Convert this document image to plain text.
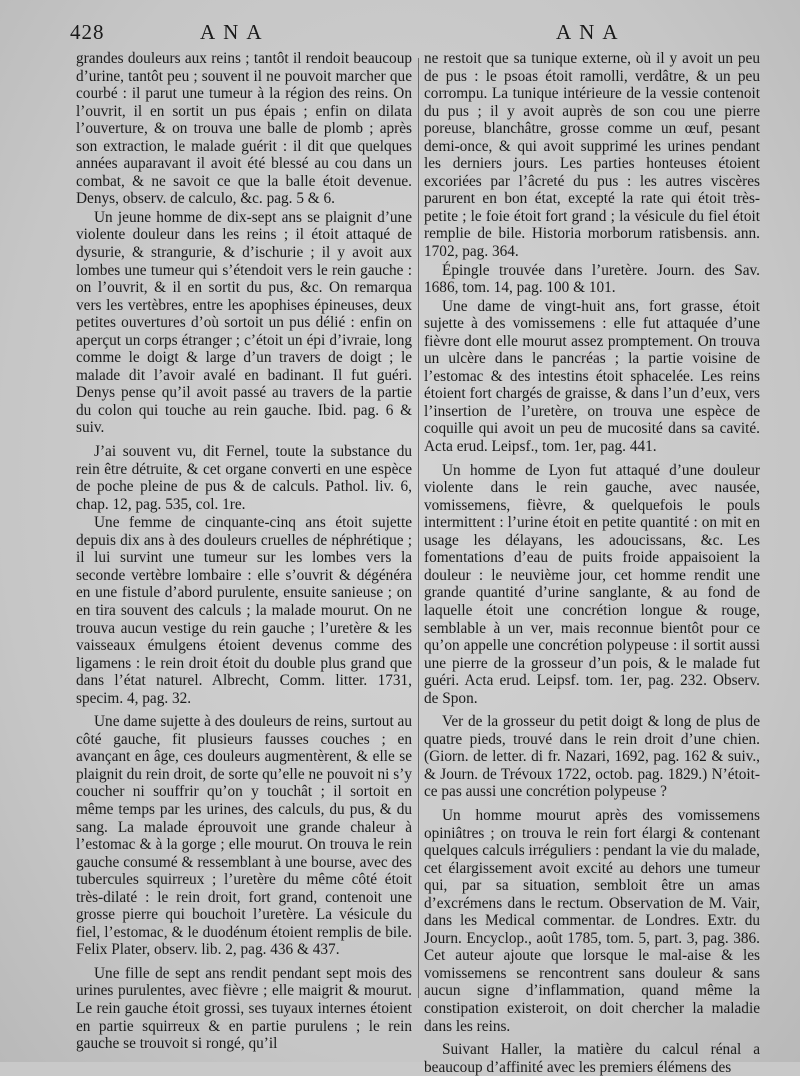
428	ANA	ANA

grandes douleurs aux reins ; tantôt il rendoit beaucoup d’urine, tantôt peu ; souvent il ne pouvoit marcher que courbé : il parut une tumeur à la région des reins. On l’ouvrit, il en sortit un pus épais ; enfin on dilata l’ouverture, & on trouva une balle de plomb ; après son extraction, le malade guérit : il dit que quelques années auparavant il avoit été blessé au cou dans un combat, & ne savoit ce que la balle étoit devenue. Denys, observ. de calculo, &c. pag. 5 & 6.

Un jeune homme de dix-sept ans se plaignit d’une violente douleur dans les reins ; il étoit attaqué de dysurie, & strangurie, & d’ischurie ; il y avoit aux lombes une tumeur qui s’étendoit vers le rein gauche : on l’ouvrit, & il en sortit du pus, &c. On remarqua vers les vertèbres, entre les apophises épineuses, deux petites ouvertures d’où sortoit un pus délié : enfin on aperçut un corps étranger ; c’étoit un épi d’ivraie, long comme le doigt & large d’un travers de doigt ; le malade dit l’avoir avalé en badinant. Il fut guéri. Denys pense qu’il avoit passé au travers de la partie du colon qui touche au rein gauche. Ibid. pag. 6 & suiv.

J’ai souvent vu, dit Fernel, toute la substance du rein être détruite, & cet organe converti en une espèce de poche pleine de pus & de calculs. Pathol. liv. 6, chap. 12, pag. 535, col. 1re.

Une femme de cinquante-cinq ans étoit sujette depuis dix ans à des douleurs cruelles de néphrétique ; il lui survint une tumeur sur les lombes vers la seconde vertèbre lombaire : elle s’ouvrit & dégénéra en une fistule d’abord purulente, ensuite sanieuse ; on en tira souvent des calculs ; la malade mourut. On ne trouva aucun vestige du rein gauche ; l’uretère & les vaisseaux émulgens étoient devenus comme des ligamens : le rein droit étoit du double plus grand que dans l’état naturel. Albrecht, Comm. litter. 1731, specim. 4, pag. 32.

Une dame sujette à des douleurs de reins, surtout au côté gauche, fit plusieurs fausses couches ; en avançant en âge, ces douleurs augmentèrent, & elle se plaignit du rein droit, de sorte qu’elle ne pouvoit ni s’y coucher ni souffrir qu’on y touchât ; il sortoit en même temps par les urines, des calculs, du pus, & du sang. La malade éprouvoit une grande chaleur à l’estomac & à la gorge ; elle mourut. On trouva le rein gauche consumé & ressemblant à une bourse, avec des tubercules squirreux ; l’uretère du même côté étoit très-dilaté : le rein droit, fort grand, contenoit une grosse pierre qui bouchoit l’uretère. La vésicule du fiel, l’estomac, & le duodénum étoient remplis de bile. Felix Plater, observ. lib. 2, pag. 436 & 437.

Une fille de sept ans rendit pendant sept mois des urines purulentes, avec fièvre ; elle maigrit & mourut. Le rein gauche étoit grossi, ses tuyaux internes étoient en partie squirreux & en partie purulens ; le rein gauche se trouvoit si rongé, qu’il

ne restoit que sa tunique externe, où il y avoit un peu de pus : le psoas étoit ramolli, verdâtre, & un peu corrompu. La tunique intérieure de la vessie contenoit du pus ; il y avoit auprès de son cou une pierre poreuse, blanchâtre, grosse comme un œuf, pesant demi-once, & qui avoit supprimé les urines pendant les derniers jours. Les parties honteuses étoient excoriées par l’âcreté du pus : les autres viscères parurent en bon état, excepté la rate qui étoit très-petite ; le foie étoit fort grand ; la vésicule du fiel étoit remplie de bile. Historia morborum ratisbensis. ann. 1702, pag. 364.

Épingle trouvée dans l’uretère. Journ. des Sav. 1686, tom. 14, pag. 100 & 101.

Une dame de vingt-huit ans, fort grasse, étoit sujette à des vomissemens : elle fut attaquée d’une fièvre dont elle mourut assez promptement. On trouva un ulcère dans le pancréas ; la partie voisine de l’estomac & des intestins étoit sphacelée. Les reins étoient fort chargés de graisse, & dans l’un d’eux, vers l’insertion de l’uretère, on trouva une espèce de coquille qui avoit un peu de mucosité dans sa cavité. Acta erud. Leipsf., tom. 1er, pag. 441.

Un homme de Lyon fut attaqué d’une douleur violente dans le rein gauche, avec nausée, vomissemens, fièvre, & quelquefois le pouls intermittent : l’urine étoit en petite quantité : on mit en usage les délayans, les adoucissans, &c. Les fomentations d’eau de puits froide appaisoient la douleur : le neuvième jour, cet homme rendit une grande quantité d’urine sanglante, & au fond de laquelle étoit une concrétion longue & rouge, semblable à un ver, mais reconnue bientôt pour ce qu’on appelle une concrétion polypeuse : il sortit aussi une pierre de la grosseur d’un pois, & le malade fut guéri. Acta erud. Leipsf. tom. 1er, pag. 232. Observ. de Spon.

Ver de la grosseur du petit doigt & long de plus de quatre pieds, trouvé dans le rein droit d’une chien. (Giorn. de letter. di fr. Nazari, 1692, pag. 162 & suiv., & Journ. de Trévoux 1722, octob. pag. 1829.) N’étoit-ce pas aussi une concrétion polypeuse ?

Un homme mourut après des vomissemens opiniâtres ; on trouva le rein fort élargi & contenant quelques calculs irréguliers : pendant la vie du malade, cet élargissement avoit excité au dehors une tumeur qui, par sa situation, sembloit être un amas d’excrémens dans le rectum. Observation de M. Vair, dans les Medical commentar. de Londres. Extr. du Journ. Encyclop., août 1785, tom. 5, part. 3, pag. 386. Cet auteur ajoute que lorsque le mal-aise & les vomissemens se rencontrent sans douleur & sans aucun signe d’inflammation, quand même la constipation existeroit, on doit chercher la maladie dans les reins.

Suivant Haller, la matière du calcul rénal a beaucoup d’affinité avec les premiers élémens des
